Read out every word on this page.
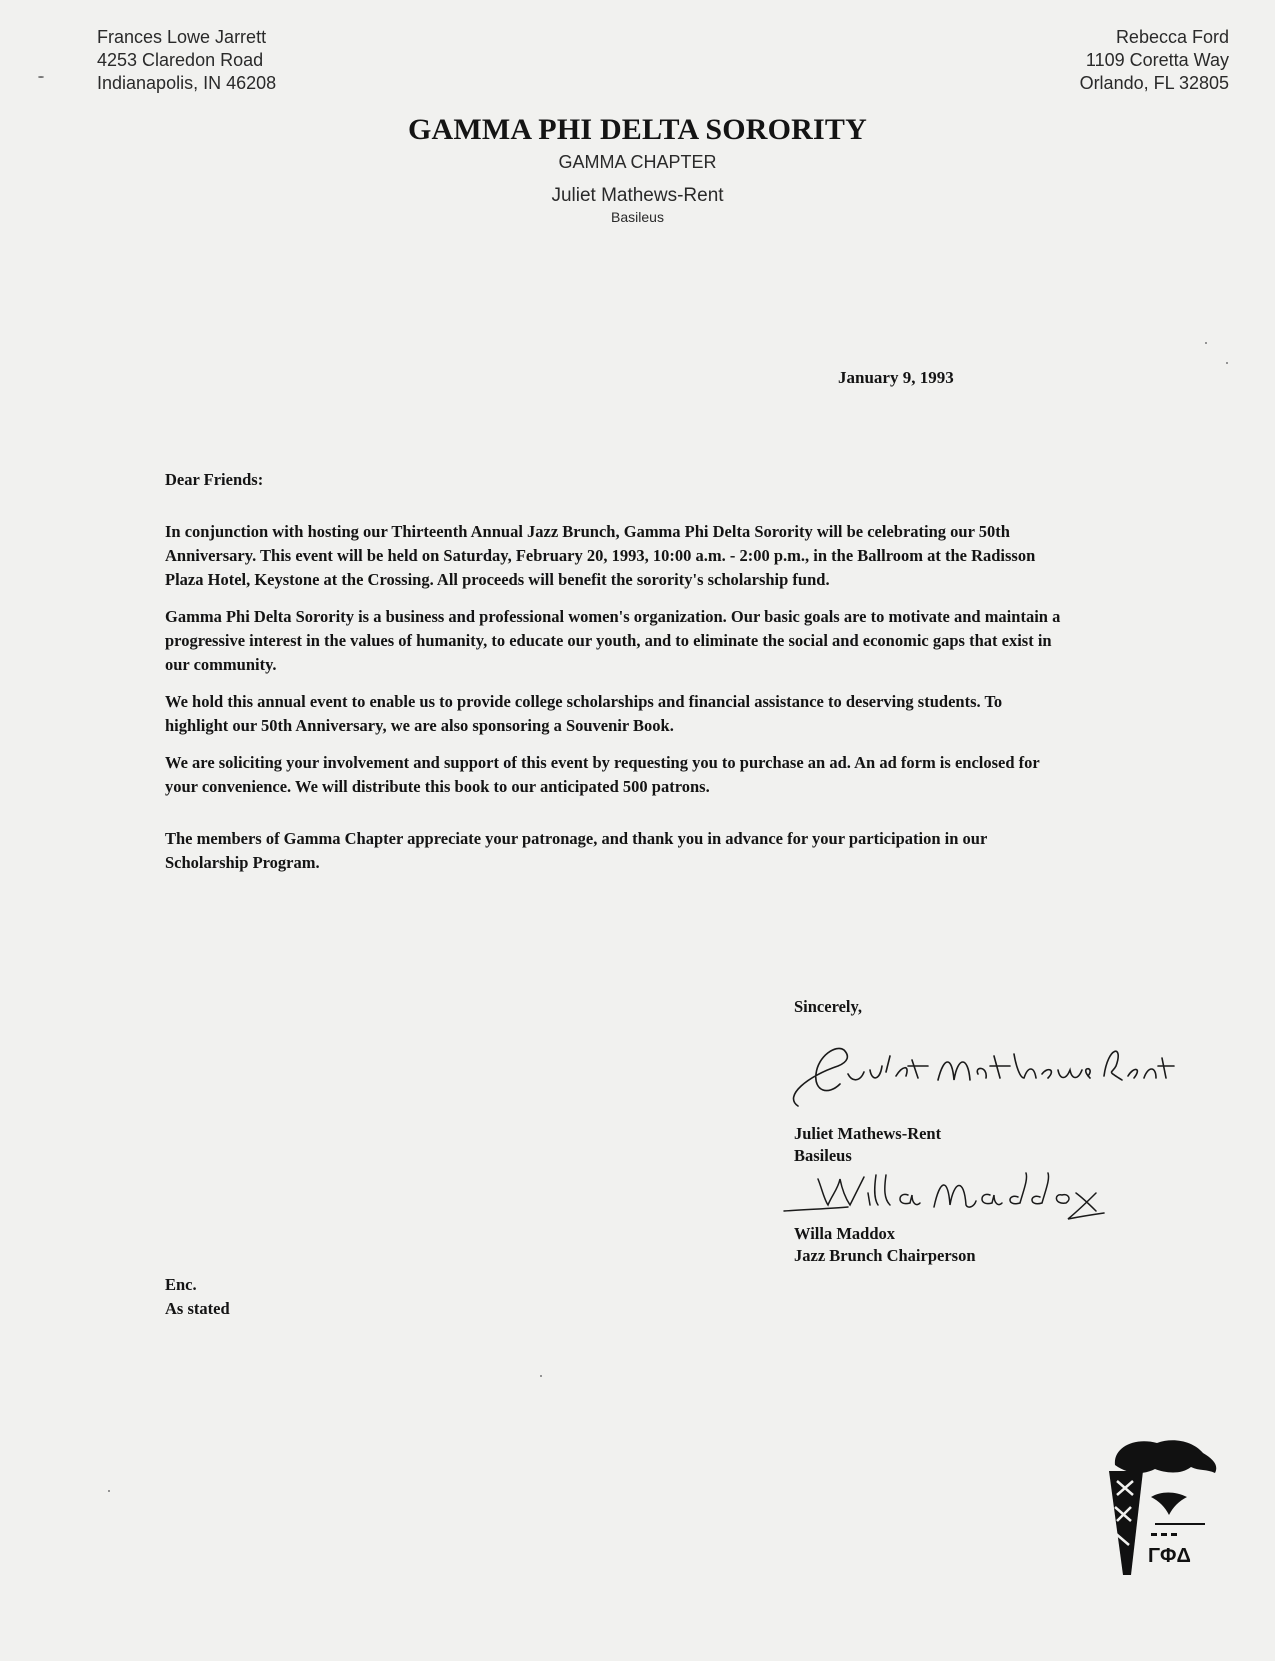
Frances Lowe Jarrett
4253 Claredon Road
Indianapolis, IN 46208
Rebecca Ford
1109 Coretta Way
Orlando, FL 32805
GAMMA PHI DELTA SORORITY
GAMMA CHAPTER
Juliet Mathews-Rent
Basileus
January 9, 1993

Dear Friends:

In conjunction with hosting our Thirteenth Annual Jazz Brunch, Gamma Phi Delta Sorority will be celebrating our 50th Anniversary. This event will be held on Saturday, February 20, 1993, 10:00 a.m. - 2:00 p.m., in the Ballroom at the Radisson Plaza Hotel, Keystone at the Crossing. All proceeds will benefit the sorority's scholarship fund.

Gamma Phi Delta Sorority is a business and professional women's organization. Our basic goals are to motivate and maintain a progressive interest in the values of humanity, to educate our youth, and to eliminate the social and economic gaps that exist in our community.

We hold this annual event to enable us to provide college scholarships and financial assistance to deserving students. To highlight our 50th Anniversary, we are also sponsoring a Souvenir Book.

We are soliciting your involvement and support of this event by requesting you to purchase an ad. An ad form is enclosed for your convenience. We will distribute this book to our anticipated 500 patrons.

The members of Gamma Chapter appreciate your patronage, and thank you in advance for your participation in our Scholarship Program.

Sincerely,
Juliet Mathews-Rent
Basileus
Willa Maddox
Jazz Brunch Chairperson
Enc.
As stated
ΓΦΔ
